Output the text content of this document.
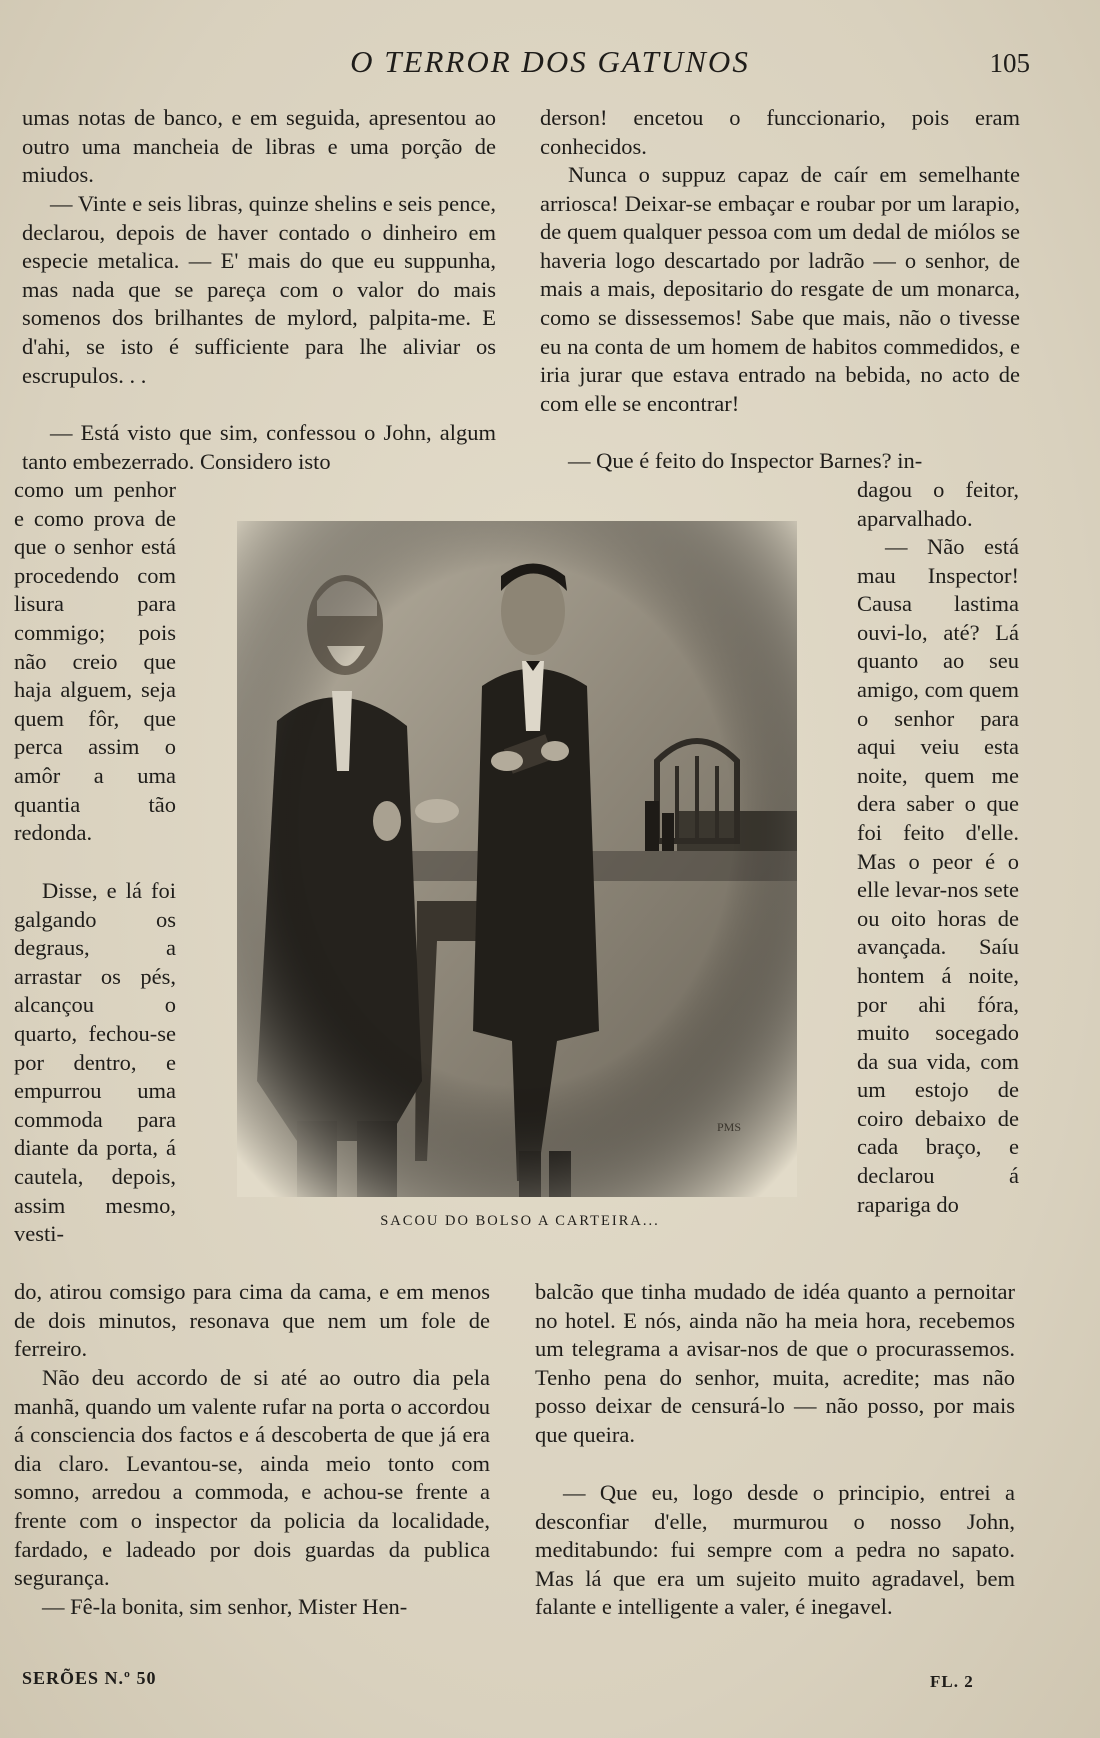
O TERROR DOS GATUNOS	105

umas notas de banco, e em seguida, apresentou ao outro uma mancheia de libras e uma porção de miudos.

— Vinte e seis libras, quinze shelins e seis pence, declarou, depois de haver contado o dinheiro em especie metalica. — E' mais do que eu suppunha, mas nada que se pareça com o valor do mais somenos dos brilhantes de mylord, palpita-me. E d'ahi, se isto é sufficiente para lhe aliviar os escrupulos. . .

— Está visto que sim, confessou o John, algum tanto embezerrado. Considero isto

como um penhor e como prova de que o senhor está procedendo com lisura para commigo; pois não creio que haja alguem, seja quem fôr, que perca assim o amôr a uma quantia tão redonda.

Disse, e lá foi galgando os degraus, a arrastar os pés, alcançou o quarto, fechou-se por dentro, e empurrou uma commoda para diante da porta, á cautela, depois, assim mesmo, vesti-

do, atirou comsigo para cima da cama, e em menos de dois minutos, resonava que nem um fole de ferreiro.

Não deu accordo de si até ao outro dia pela manhã, quando um valente rufar na porta o accordou á consciencia dos factos e á descoberta de que já era dia claro. Levantou-se, ainda meio tonto com somno, arredou a commoda, e achou-se frente a frente com o inspector da policia da localidade, fardado, e ladeado por dois guardas da publica segurança.

— Fê-la bonita, sim senhor, Mister Hen-

derson! encetou o funccionario, pois eram conhecidos.

Nunca o suppuz capaz de caír em semelhante arriosca! Deixar-se embaçar e roubar por um larapio, de quem qualquer pessoa com um dedal de miólos se haveria logo descartado por ladrão — o senhor, de mais a mais, depositario do resgate de um monarca, como se dissessemos! Sabe que mais, não o tivesse eu na conta de um homem de habitos commedidos, e iria jurar que estava entrado na bebida, no acto de com elle se encontrar!

— Que é feito do Inspector Barnes? in-

dagou o feitor, aparvalhado.

— Não está mau Inspector! Causa lastima ouvi-lo, até? Lá quanto ao seu amigo, com quem o senhor para aqui veiu esta noite, quem me dera saber o que foi feito d'elle. Mas o peor é o elle levar-nos sete ou oito horas de avançada. Saíu hontem á noite, por ahi fóra, muito socegado da sua vida, com um estojo de coiro debaixo de cada braço, e declarou á rapariga do

balcão que tinha mudado de idéa quanto a pernoitar no hotel. E nós, ainda não ha meia hora, recebemos um telegrama a avisar-nos de que o procurassemos. Tenho pena do senhor, muita, acredite; mas não posso deixar de censurá-lo — não posso, por mais que queira.

— Que eu, logo desde o principio, entrei a desconfiar d'elle, murmurou o nosso John, meditabundo: fui sempre com a pedra no sapato. Mas lá que era um sujeito muito agradavel, bem falante e intelligente a valer, é inegavel.

PMS
SACOU DO BOLSO A CARTEIRA...
SERÕES N.º 50	FL. 2
